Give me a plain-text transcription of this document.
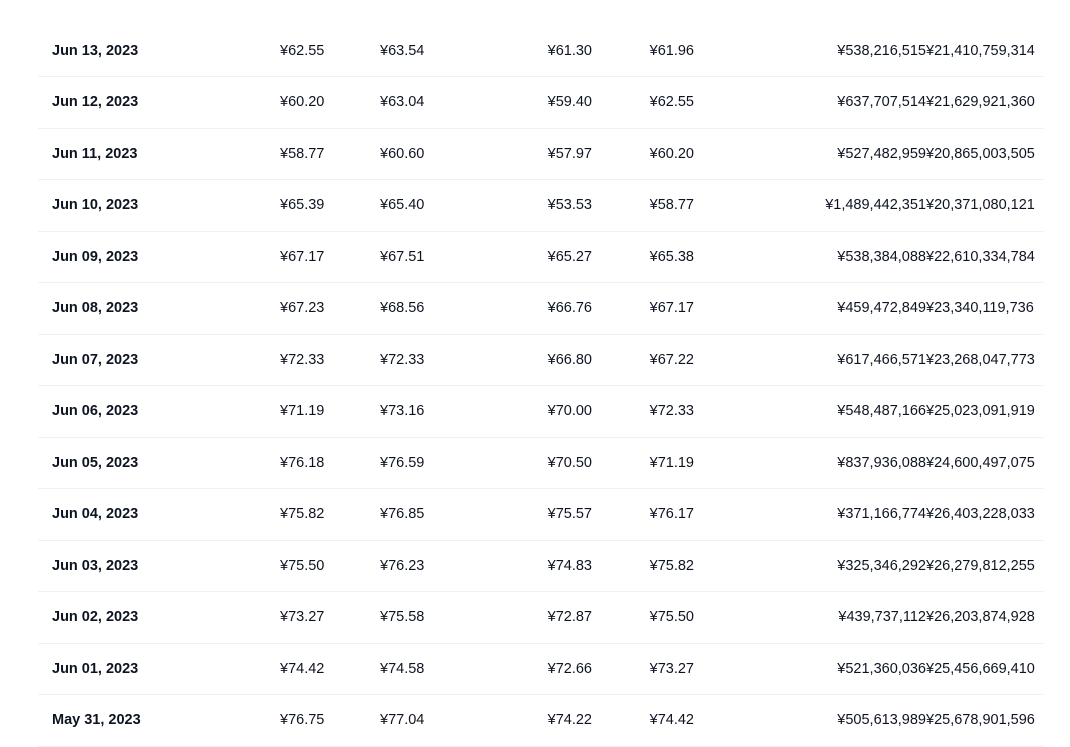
Jun 13, 2023	¥62.55	¥63.54	¥61.30	¥61.96	¥538,216,515	¥21,410,759,314
Jun 12, 2023	¥60.20	¥63.04	¥59.40	¥62.55	¥637,707,514	¥21,629,921,360
Jun 11, 2023	¥58.77	¥60.60	¥57.97	¥60.20	¥527,482,959	¥20,865,003,505
Jun 10, 2023	¥65.39	¥65.40	¥53.53	¥58.77	¥1,489,442,351	¥20,371,080,121
Jun 09, 2023	¥67.17	¥67.51	¥65.27	¥65.38	¥538,384,088	¥22,610,334,784
Jun 08, 2023	¥67.23	¥68.56	¥66.76	¥67.17	¥459,472,849	¥23,340,119,736
Jun 07, 2023	¥72.33	¥72.33	¥66.80	¥67.22	¥617,466,571	¥23,268,047,773
Jun 06, 2023	¥71.19	¥73.16	¥70.00	¥72.33	¥548,487,166	¥25,023,091,919
Jun 05, 2023	¥76.18	¥76.59	¥70.50	¥71.19	¥837,936,088	¥24,600,497,075
Jun 04, 2023	¥75.82	¥76.85	¥75.57	¥76.17	¥371,166,774	¥26,403,228,033
Jun 03, 2023	¥75.50	¥76.23	¥74.83	¥75.82	¥325,346,292	¥26,279,812,255
Jun 02, 2023	¥73.27	¥75.58	¥72.87	¥75.50	¥439,737,112	¥26,203,874,928
Jun 01, 2023	¥74.42	¥74.58	¥72.66	¥73.27	¥521,360,036	¥25,456,669,410
May 31, 2023	¥76.75	¥77.04	¥74.22	¥74.42	¥505,613,989	¥25,678,901,596
